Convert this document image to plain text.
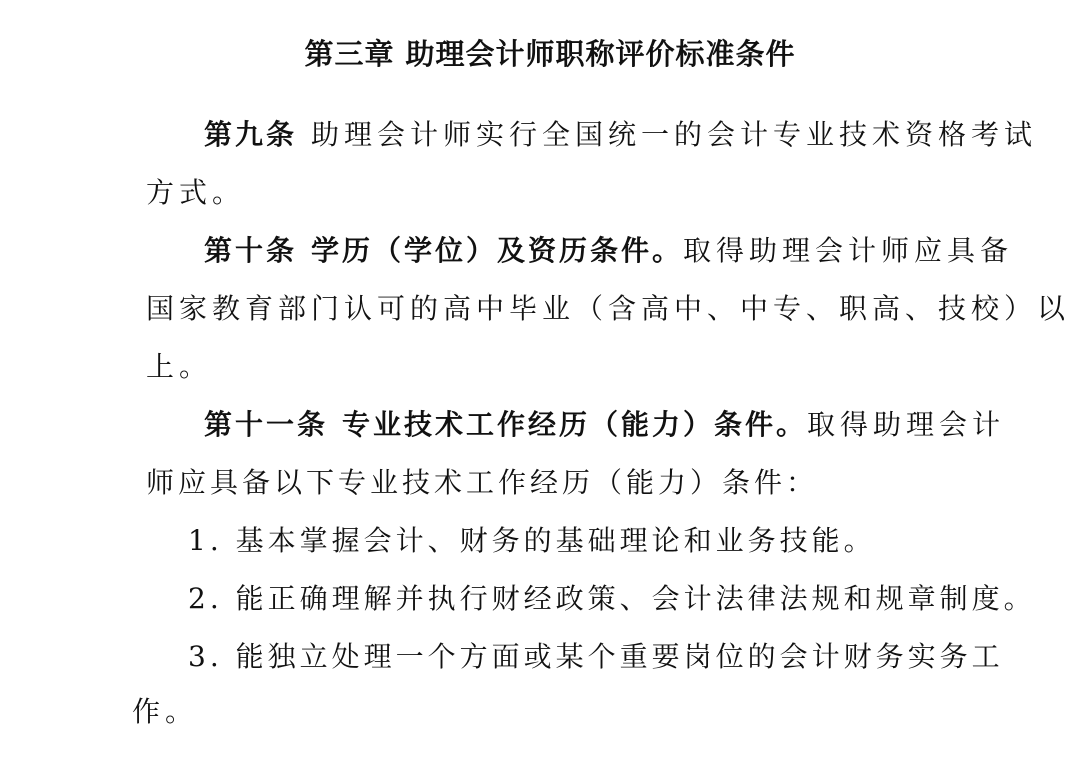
第三章 助理会计师职称评价标准条件
第九条 助理会计师实行全国统一的会计专业技术资格考试
方式。
第十条 学历（学位）及资历条件。取得助理会计师应具备
国家教育部门认可的高中毕业（含高中、中专、职高、技校）以
上。
第十一条 专业技术工作经历（能力）条件。取得助理会计
师应具备以下专业技术工作经历（能力）条件：
1. 基本掌握会计、财务的基础理论和业务技能。
2. 能正确理解并执行财经政策、会计法律法规和规章制度。
3. 能独立处理一个方面或某个重要岗位的会计财务实务工
作。
